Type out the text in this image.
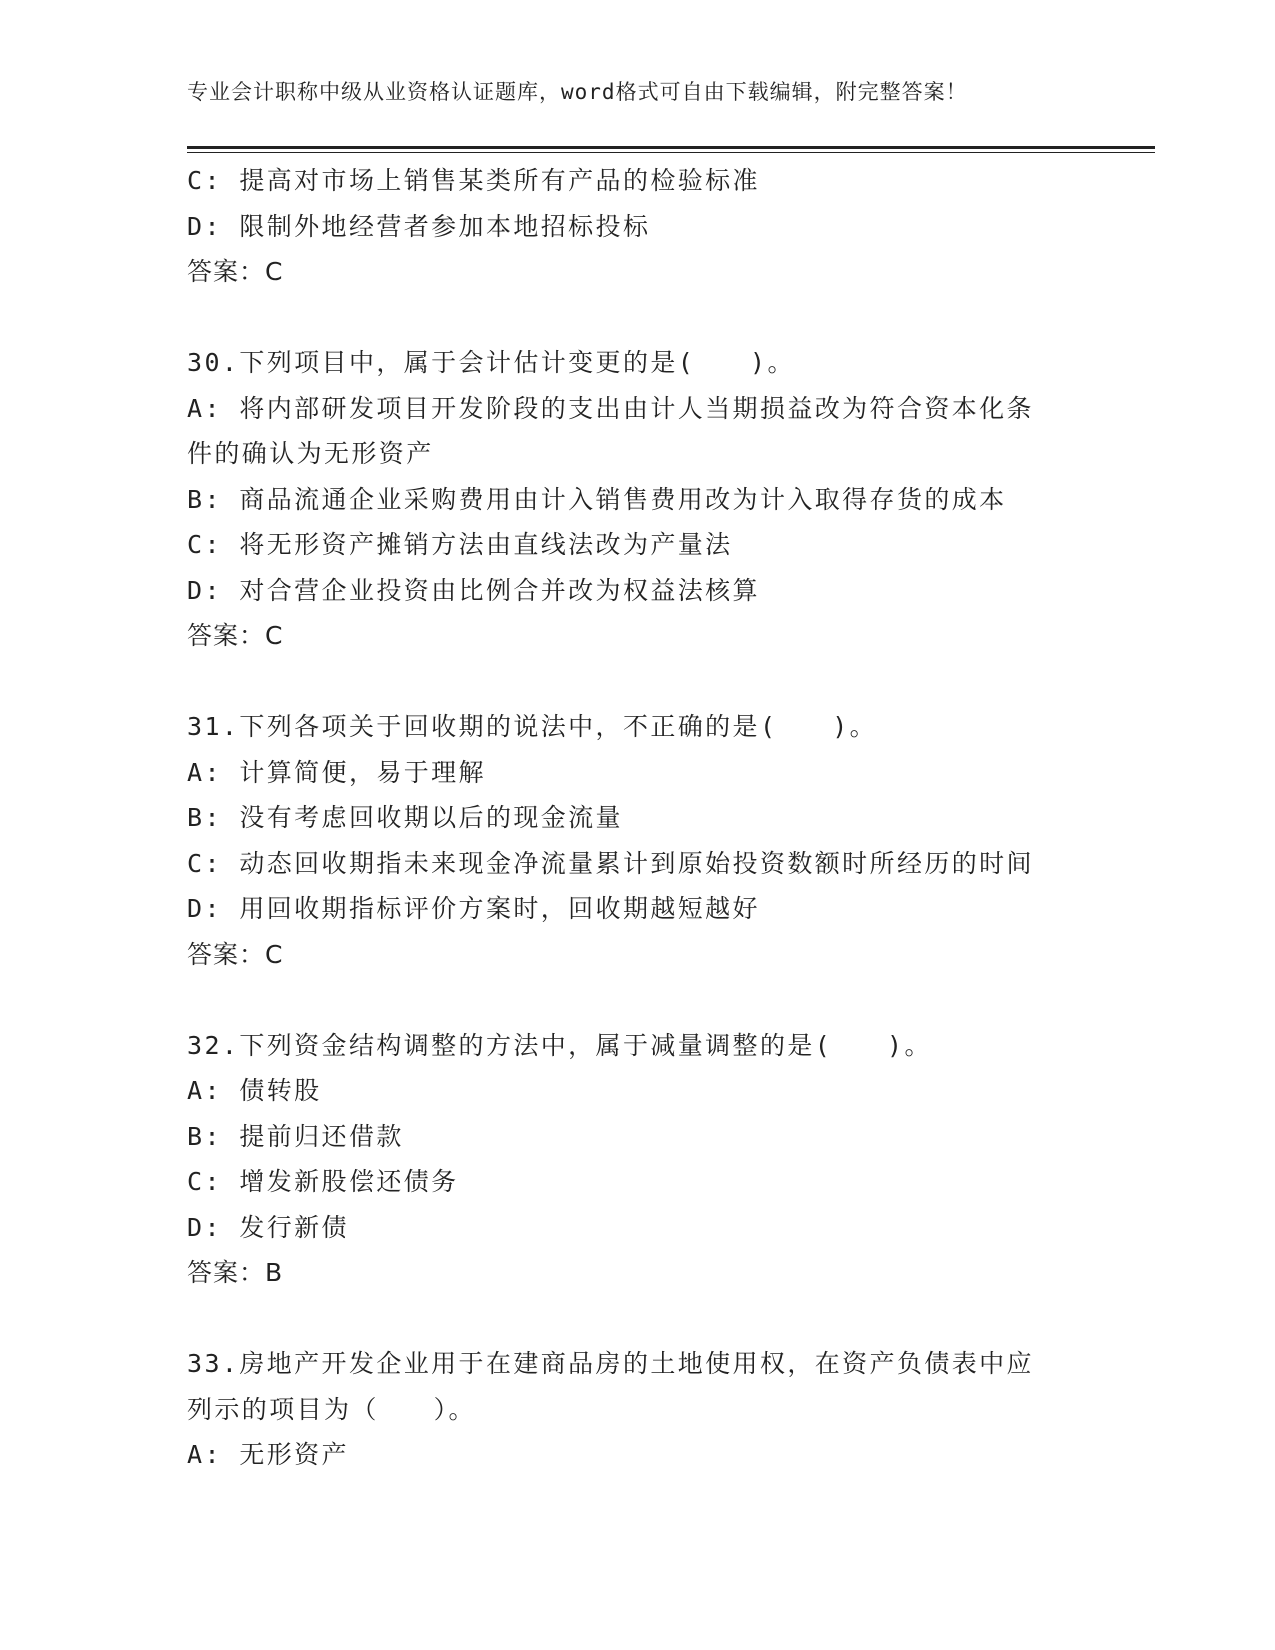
专业会计职称中级从业资格认证题库，word格式可自由下载编辑，附完整答案！
C: 提高对市场上销售某类所有产品的检验标准
D: 限制外地经营者参加本地招标投标
答案：C
30.下列项目中，属于会计估计变更的是(　　)。
A: 将内部研发项目开发阶段的支出由计人当期损益改为符合资本化条
件的确认为无形资产
B: 商品流通企业采购费用由计入销售费用改为计入取得存货的成本
C: 将无形资产摊销方法由直线法改为产量法
D: 对合营企业投资由比例合并改为权益法核算
答案：C
31.下列各项关于回收期的说法中，不正确的是(　　)。
A: 计算简便，易于理解
B: 没有考虑回收期以后的现金流量
C: 动态回收期指未来现金净流量累计到原始投资数额时所经历的时间
D: 用回收期指标评价方案时，回收期越短越好
答案：C
32.下列资金结构调整的方法中，属于减量调整的是(　　)。
A: 债转股
B: 提前归还借款
C: 增发新股偿还债务
D: 发行新债
答案：B
33.房地产开发企业用于在建商品房的土地使用权，在资产负债表中应
列示的项目为（　　）。
A: 无形资产
